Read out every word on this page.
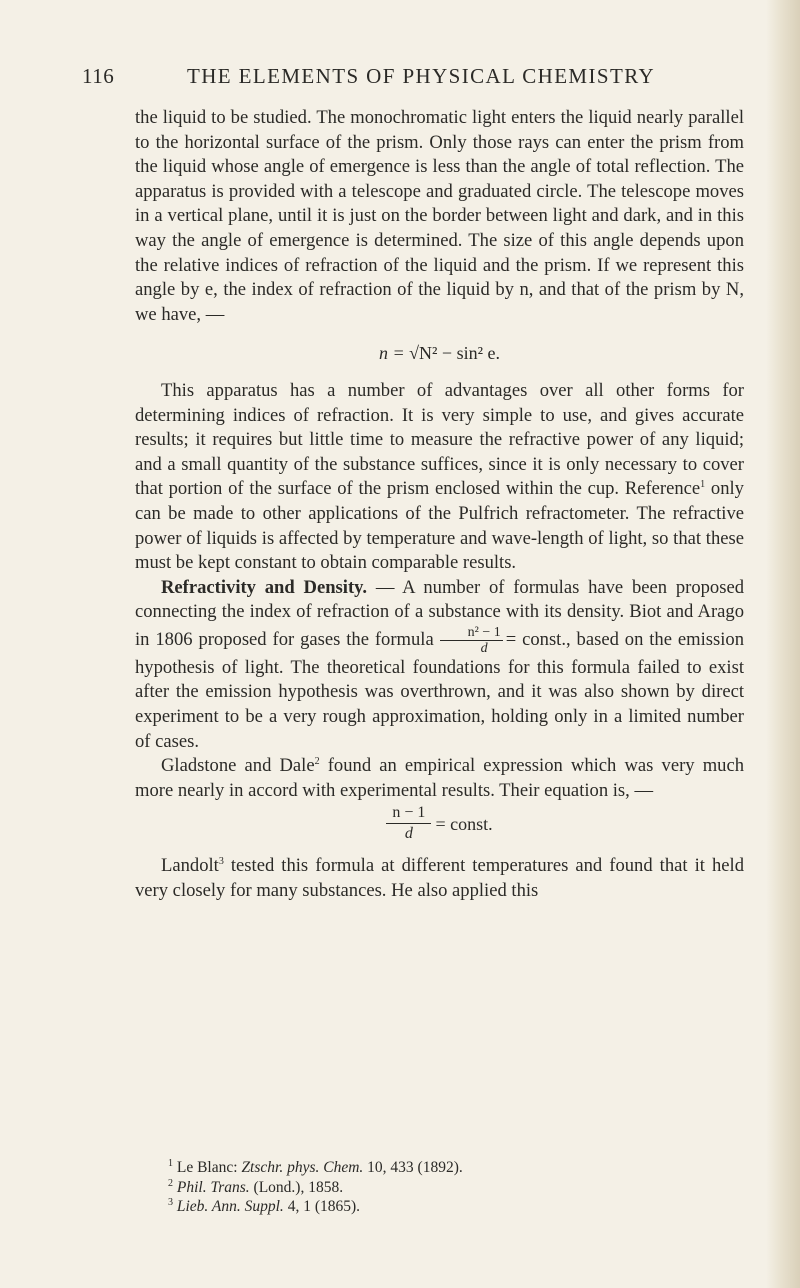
116	THE ELEMENTS OF PHYSICAL CHEMISTRY

the liquid to be studied. The monochromatic light enters the liquid nearly parallel to the horizontal surface of the prism. Only those rays can enter the prism from the liquid whose angle of emergence is less than the angle of total reflection. The apparatus is provided with a telescope and graduated circle. The telescope moves in a vertical plane, until it is just on the border between light and dark, and in this way the angle of emergence is determined. The size of this angle depends upon the relative indices of refraction of the liquid and the prism. If we represent this angle by e, the index of refraction of the liquid by n, and that of the prism by N, we have, —

n = √N² − sin² e.

This apparatus has a number of advantages over all other forms for determining indices of refraction. It is very simple to use, and gives accurate results; it requires but little time to measure the refractive power of any liquid; and a small quantity of the substance suffices, since it is only necessary to cover that portion of the surface of the prism enclosed within the cup. Reference$^1$ only can be made to other applications of the Pulfrich refractometer. The refractive power of liquids is affected by temperature and wave-length of light, so that these must be kept constant to obtain comparable results.

Refractivity and Density. — A number of formulas have been proposed connecting the index of refraction of a substance with its density. Biot and Arago in 1806 proposed for gases the formula $\frac{\text{n² − 1}}{d}$ = const., based on the emission hypothesis of light. The theoretical foundations for this formula failed to exist after the emission hypothesis was overthrown, and it was also shown by direct experiment to be a very rough approximation, holding only in a limited number of cases.

Gladstone and Dale$^2$ found an empirical expression which was very much more nearly in accord with experimental results. Their equation is, —

$\frac{n - 1}{d}$ = const.

Landolt$^3$ tested this formula at different temperatures and found that it held very closely for many substances. He also applied this

$^1$ Le Blanc: Ztschr. phys. Chem. 10, 433 (1892).
$^2$ Phil. Trans. (Lond.), 1858.
$^3$ Lieb. Ann. Suppl. 4, 1 (1865).
